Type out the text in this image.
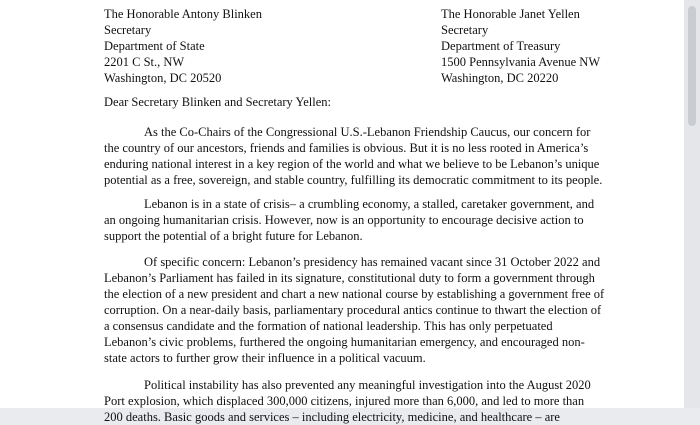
The Honorable Antony Blinken
Secretary
Department of State
2201 C St., NW
Washington, DC 20520
The Honorable Janet Yellen
Secretary
Department of Treasury
1500 Pennsylvania Avenue NW
Washington, DC 20220
Dear Secretary Blinken and Secretary Yellen:
As the Co-Chairs of the Congressional U.S.-Lebanon Friendship Caucus, our concern for
the country of our ancestors, friends and families is obvious. But it is no less rooted in America’s
enduring national interest in a key region of the world and what we believe to be Lebanon’s unique
potential as a free, sovereign, and stable country, fulfilling its democratic commitment to its people.
Lebanon is in a state of crisis– a crumbling economy, a stalled, caretaker government, and
an ongoing humanitarian crisis. However, now is an opportunity to encourage decisive action to
support the potential of a bright future for Lebanon.
Of specific concern: Lebanon’s presidency has remained vacant since 31 October 2022 and
Lebanon’s Parliament has failed in its signature, constitutional duty to form a government through
the election of a new president and chart a new national course by establishing a government free of
corruption. On a near-daily basis, parliamentary procedural antics continue to thwart the election of
a consensus candidate and the formation of national leadership. This has only perpetuated
Lebanon’s civic problems, furthered the ongoing humanitarian emergency, and encouraged non-
state actors to further grow their influence in a political vacuum.
Political instability has also prevented any meaningful investigation into the August 2020
Port explosion, which displaced 300,000 citizens, injured more than 6,000, and led to more than
200 deaths. Basic goods and services – including electricity, medicine, and healthcare – are
